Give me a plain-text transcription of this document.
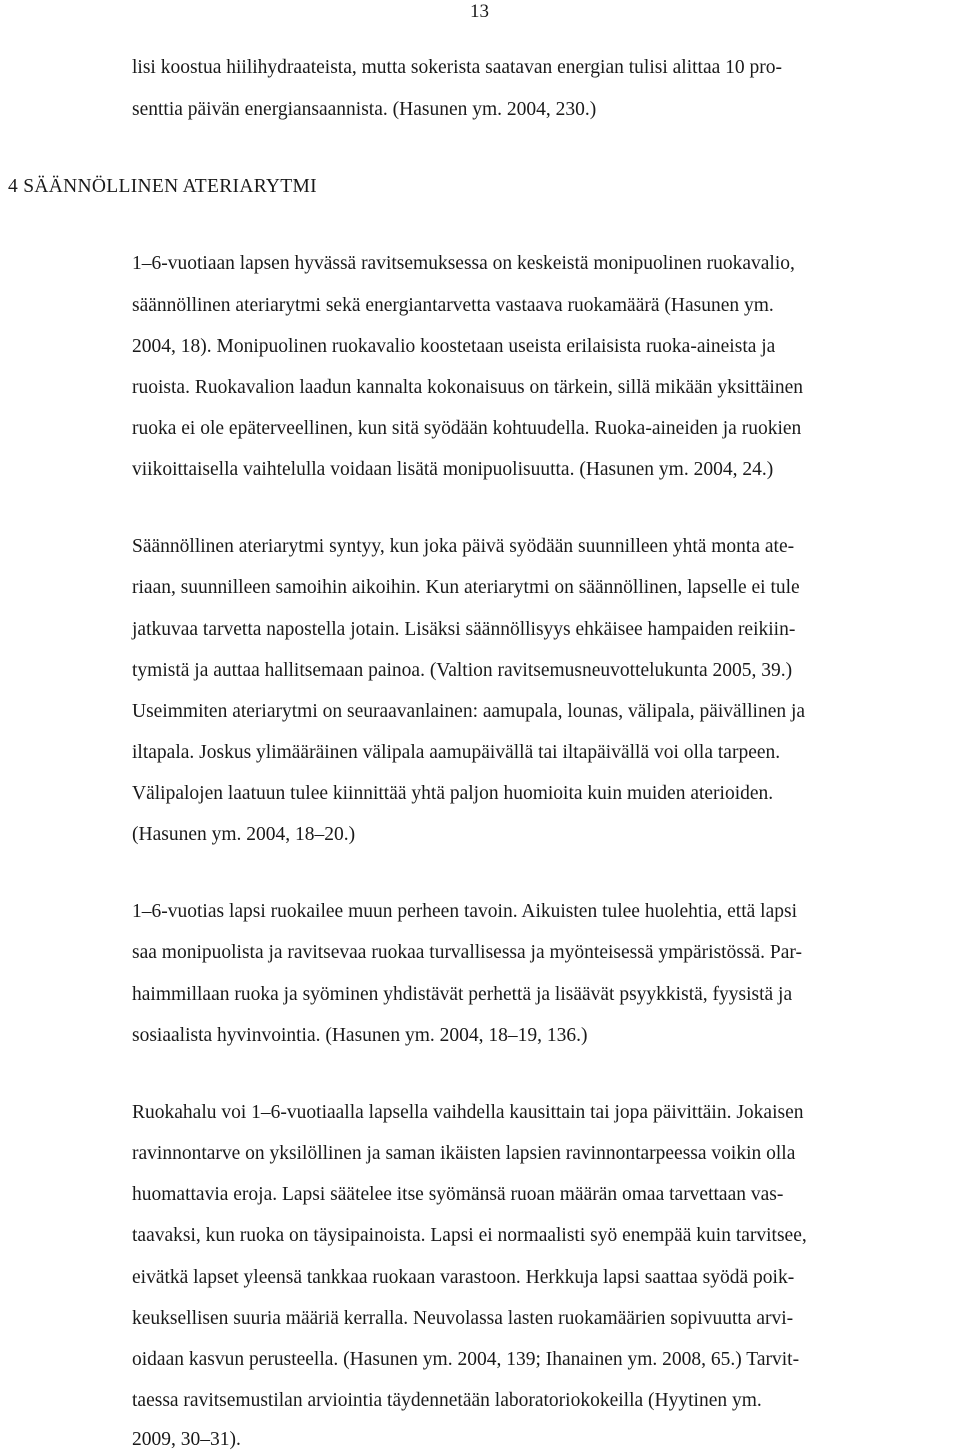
13
lisi koostua hiilihydraateista, mutta sokerista saatavan energian tulisi alittaa 10 pro-
senttia päivän energiansaannista. (Hasunen ym. 2004, 230.)
4 SÄÄNNÖLLINEN ATERIARYTMI
1–6-vuotiaan lapsen hyvässä ravitsemuksessa on keskeistä monipuolinen ruokavalio,
säännöllinen ateriarytmi sekä energiantarvetta vastaava ruokamäärä (Hasunen ym.
2004, 18). Monipuolinen ruokavalio koostetaan useista erilaisista ruoka-aineista ja
ruoista. Ruokavalion laadun kannalta kokonaisuus on tärkein, sillä mikään yksittäinen
ruoka ei ole epäterveellinen, kun sitä syödään kohtuudella. Ruoka-aineiden ja ruokien
viikoittaisella vaihtelulla voidaan lisätä monipuolisuutta. (Hasunen ym. 2004, 24.)
Säännöllinen ateriarytmi syntyy, kun joka päivä syödään suunnilleen yhtä monta ate-
riaan, suunnilleen samoihin aikoihin. Kun ateriarytmi on säännöllinen, lapselle ei tule
jatkuvaa tarvetta napostella jotain. Lisäksi säännöllisyys ehkäisee hampaiden reikiin-
tymistä ja auttaa hallitsemaan painoa. (Valtion ravitsemusneuvottelukunta 2005, 39.)
Useimmiten ateriarytmi on seuraavanlainen: aamupala, lounas, välipala, päivällinen ja
iltapala. Joskus ylimääräinen välipala aamupäivällä tai iltapäivällä voi olla tarpeen.
Välipalojen laatuun tulee kiinnittää yhtä paljon huomioita kuin muiden aterioiden.
(Hasunen ym. 2004, 18–20.)
1–6-vuotias lapsi ruokailee muun perheen tavoin. Aikuisten tulee huolehtia, että lapsi
saa monipuolista ja ravitsevaa ruokaa turvallisessa ja myönteisessä ympäristössä. Par-
haimmillaan ruoka ja syöminen yhdistävät perhettä ja lisäävät psyykkistä, fyysistä ja
sosiaalista hyvinvointia. (Hasunen ym. 2004, 18–19, 136.)
Ruokahalu voi 1–6-vuotiaalla lapsella vaihdella kausittain tai jopa päivittäin. Jokaisen
ravinnontarve on yksilöllinen ja saman ikäisten lapsien ravinnontarpeessa voikin olla
huomattavia eroja. Lapsi säätelee itse syömänsä ruoan määrän omaa tarvettaan vas-
taavaksi, kun ruoka on täysipainoista. Lapsi ei normaalisti syö enempää kuin tarvitsee,
eivätkä lapset yleensä tankkaa ruokaan varastoon. Herkkuja lapsi saattaa syödä poik-
keuksellisen suuria määriä kerralla. Neuvolassa lasten ruokamäärien sopivuutta arvi-
oidaan kasvun perusteella. (Hasunen ym. 2004, 139; Ihanainen ym. 2008, 65.) Tarvit-
taessa ravitsemustilan arviointia täydennetään laboratoriokokeilla (Hyytinen ym.
2009, 30–31).
